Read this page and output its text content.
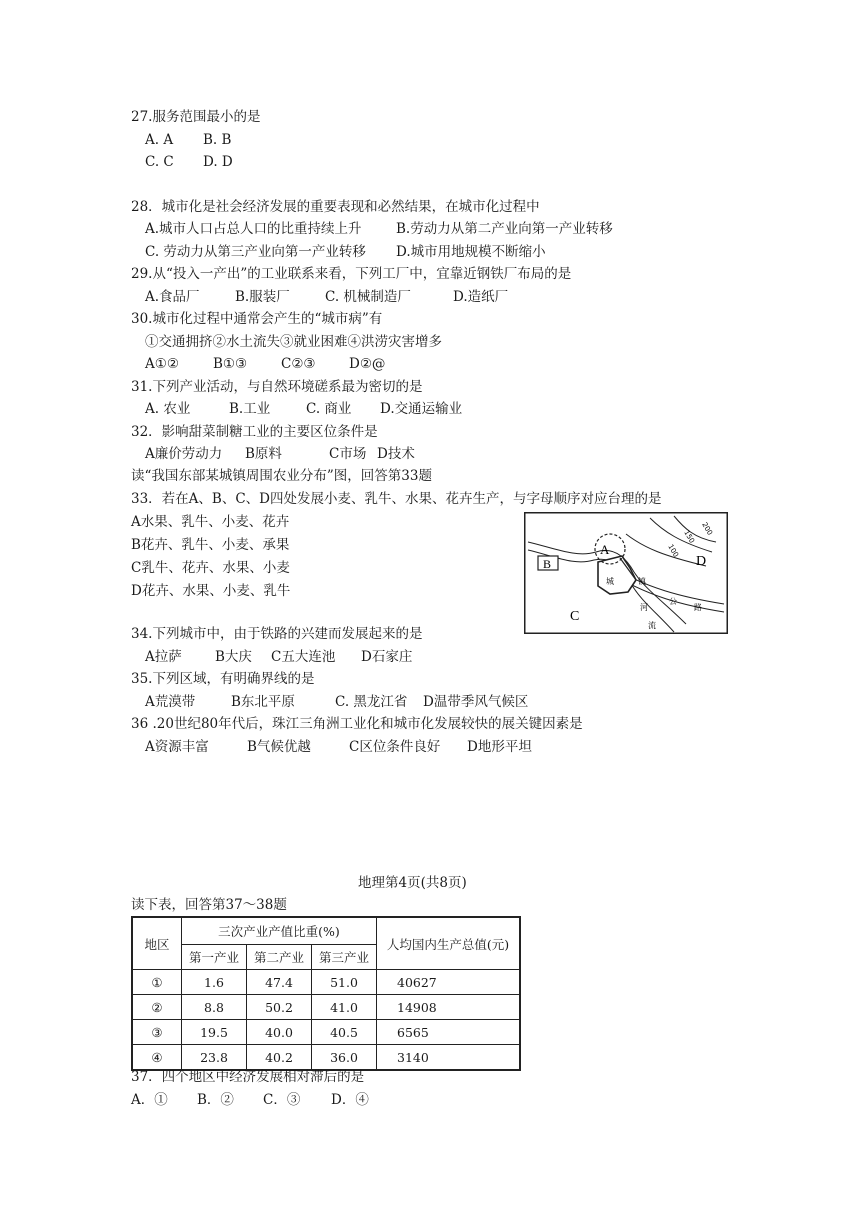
27.服务范围最小的是
A. A B. B
C. C D. D
28．城市化是社会经济发展的重要表现和必然结果，在城市化过程中
A.城市人口占总人口的比重持续上升	B.劳动力从第二产业向第一产业转移
C. 劳动力从第三产业向第一产业转移 D.城市用地规模不断缩小
29.从“投入一产出”的工业联系来看，下列工厂中，宜靠近钢铁厂布局的是
A.食品厂	B.服装厂	C. 机械制造厂	D.造纸厂
30.城市化过程中通常会产生的“城市病”有
①交通拥挤②水土流失③就业困难④洪涝灾害增多
A①②	B①③	C②③ D②@
31.下列产业活动，与自然环境磋系最为密切的是
A. 农业	B.工业	C. 商业 D.交通运输业
32．影响甜菜制糖工业的主要区位条件是
A廉价劳动力 B原料	C市场 D技术
读“我国东部某城镇周围农业分布”图，回答第33题
33．若在A、B、C、D四处发展小麦、乳牛、水果、花卉生产，与字母顺序对应台理的是
A水果、乳牛、小麦、花卉
B花卉、乳牛、小麦、承果
C乳牛、花卉、水果、小麦
D花卉、水果、小麦、乳牛
A
B
C
D
城	镇
河
流
公
路
150
200
100
34.下列城市中，由于铁路的兴建而发展起来的是
A拉萨 B大庆 C五大连池 D石家庄
35.下列区域，有明确界线的是
A荒漠带	B东北平原	C. 黑龙江省 D温带季风气候区
36 .20世纪80年代后，珠江三角洲工业化和城市化发展较快的展关键因素是
A资源丰富	B气候优越	C区位条件良好 D地形平坦
地理第4页(共8页)
读下表，回答第37～38题
地区	三次产业产值比重(%)			人均国内生产总值(元)
	第一产业	第二产业	第三产业	
①	1.6	47.4	51.0	40627
②	8.8	50.2	41.0	14908
③	19.5	40.0	40.5	6565
④	23.8	40.2	36.0	3140
37．四个地区中经济发展相对滞后的是
A．① B．② C．③ D．④
